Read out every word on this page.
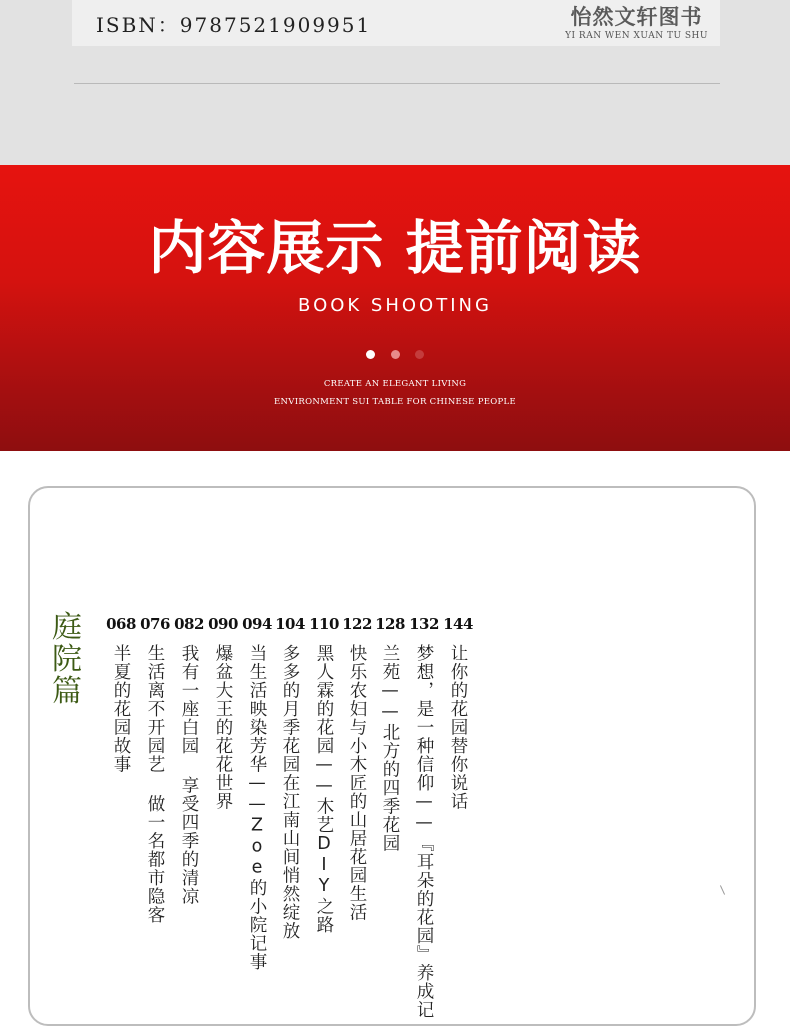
ISBN：9787521909951	怡然文轩图书
YI RAN WEN XUAN TU SHU
内容展示 提前阅读
BOOK SHOOTING

CREATE AN ELEGANT LIVING
ENVIRONMENT SUI TABLE FOR CHINESE PEOPLE
庭
院
篇
144
让你的花园替你说话
132
梦想，是一种信仰——『耳朵的花园』养成记
128
兰苑——北方的四季花园
122
快乐农妇与小木匠的山居花园生活
110
黑人霖的花园——木艺DIY之路
104
多多的月季花园在江南山间悄然绽放
094
当生活映染芳华——Zoe的小院记事
090
爆盆大王的花花世界
082
我有一座白园 享受四季的清凉
076
生活离不开园艺 做一名都市隐客
068
半夏的花园故事
